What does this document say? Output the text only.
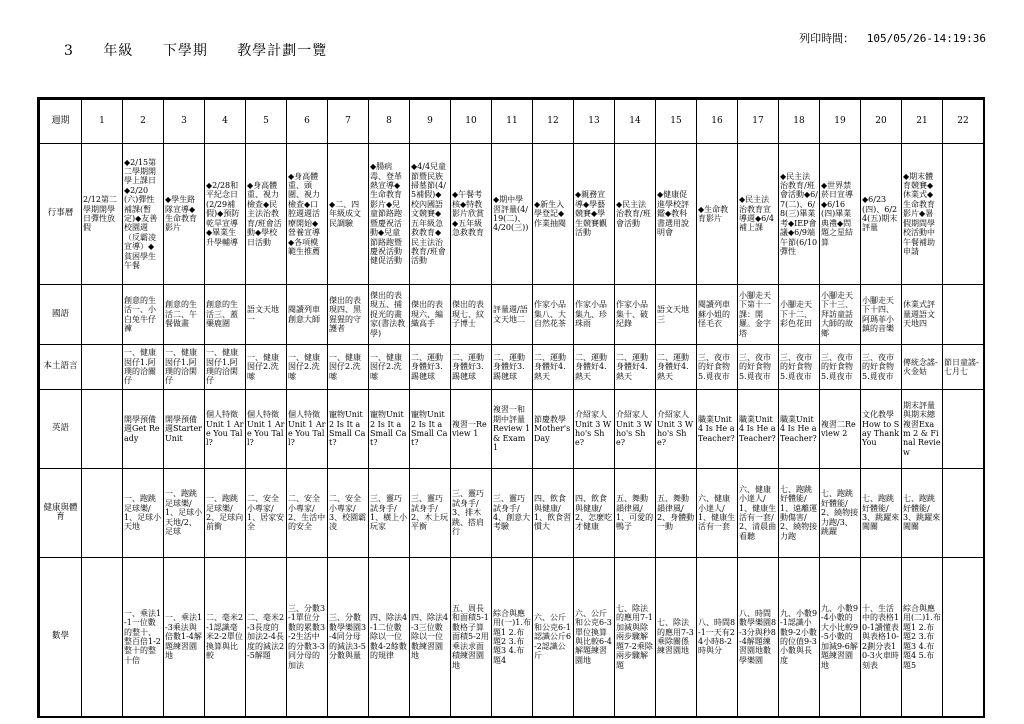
3 年級 下學期 教學計劃一覽
列印時間： 105/05/26-14:19:36
週期	1	2	3	4	5	6	7	8	9	10	11	12	13	14	15	16	17	18	19	20	21	22
行事曆	2/12第二學期開學日彈性放假	◆2/15第二學期開學上課日◆2/20(六)彈性補課(暫定)◆友善校園週（反霸凌宣導）◆貧困學生午餐	◆學生路隊宣導◆生命教育影片	◆2/28和平紀念日(2/29補假)◆預防乾旱宣導◆畢業生升學輔導	◆身高體重、視力檢查◆民主法治教育/班會活動◆學校日活動	◆身高體重、頭圍、視力檢查◆口腔週週活療開始◆營養宣導◆各項模範生推薦	◆二、四年級成文民調驗	◆腸病毒、登革熱宣導◆生命教育影片◆兒童節路跑暨慶祝活動◆兒童節路跑暨慶祝活動健促活動	◆4/4兒童節暨民族掃墓節(4/5補假)◆校內國語文競賽◆五年級急救教育◆民主法治教育/班會活動	◆午餐考核◆特教影片欣賞◆五年級急救教育	◆期中學習評量(4/19(二)、4/20(三))	◆新生入學登記◆作業抽閱	◆親務宣導◆學藝競賽◆學生競賽觀活動	◆民主法治教育/班會活動	◆健康促進學校評鑑◆教科書選用說明會	◆生命教育影片	◆民主法治教育宣導週◆6/4補上課	◆民主法治教育/班會活動◆6/7(二)、6/8(三)畢業考◆IEP會議◆6/9端午節(6/10彈性	◆世界禁菸日宣導◆6/16(四)畢業典禮◆問題之星結算	◆6/23(四)、6/24(五)期末評量	◆期末體育競賽◆休業式◆生命教育影片◆暑假期間學校活動中午餐補助申請	

國語		創意的生活一、小白兔牛仔褲	創意的生活二、午餐做畫	創意的生活三、蓋藥鹿圍	語文天地一	閱讀列車創意大師	傑出的表現四、黑猩猩的守護者	傑出的表現五、捕捉光的畫家(書法教學)	傑出的表現六、編織高手	傑出的表現七、紋子博士	評量週/語文天地二	作家小品集八、大自然花茶	作家小品集九、珍珠雨	作家小品集十、破紀錄	語文天地三	閱讀列車蘇小姐的怪毛衣	小腳走天下第十一課：開羅。金字塔	小腳走天下十二、彩色花田	小腳走天下十三、拜訪童話大師的故鄉	小腳走天下十四、阿瑪菲小鎮的音樂	休業式評量週語文天地四	

本土語言		一、健康囡仔1.阿璞的洽關仔	一、健康囡仔1.阿璞的洽閑仔	一、健康囡仔1.阿璞的洽閑仔	一、健康囡仔2.洗嗦	一、健康囡仔2.洗嗦	一、健康囡仔2.洗嗦	一、健康囡仔2.洗嗦	二、運動身體好3.踢毽球	二、運動身體好3.踢毽球	二、運動身體好3.踢毽球	二、運動身體好4.熱天	二、運動身體好4.熱天	二、運動身體好4.熱天	二、運動身體好4.熱天	三、夜市的好食物5.覓夜市	三、夜市的好食物5.覓夜市	三、夜市的好食物5.覓夜市	三、夜市的好食物5.覓夜市	三、夜市的好食物5.覓夜市	傳統念謠-火金姑	節日童謠-七月七

英語		開學預備週Get Ready	開學預備週Starter Unit	個人特徵Unit 1 Are You Tall?	個人特徵Unit 1 Are You Tall?	個人特徵Unit 1 Are You Tall?	寵物Unit 2 Is It a Small Cat?	寵物Unit 2 Is It a Small Cat?	寵物Unit 2 Is It a Small Cat?	複習一Review 1	複習一和期中評量Review 1 & Exam 1	節慶教學Mother's Day	介紹家人Unit 3 Who's She?	介紹家人Unit 3 Who's She?	介紹家人Unit 3 Who's She?	職業Unit 4 Is He a Teacher?	職業Unit 4 Is He a Teacher?	職業Unit 4 Is He a Teacher?	複習二Review 2	文化教學How to Say Thank You	期末評量與期末總複習Exam 2 & Final Review	

健康與體育		一、跑跳足球樂/1、足球小天地	一、跑跳足球樂/1、足球小天地/2、足球	一、跑跳足球樂/2、足球向前衝	二、安全小專家/1、居家安全	二、安全小專家/2、生活中的安全	二、安全小專家/3、校園霸凌	三、靈巧試身手/1、橫上小玩家	三、靈巧試身手/2、木上玩平衡	三、靈巧試身手/3、排木跳、搭肩行	三、靈巧試身手/4、創意大考驗	四、飲食與健康/1、飲食習慣大	四、飲食與健康/2、怎麼吃才健康	五、舞動韻律風/1、可愛的鴨子	五、舞動韻律風/2、身體動一動	六、健康小達人/1、健康生活有一套	六、健康小達人/1、健康生活有一套/2、清晨曲看聽	七、跑跳好體能/1、遠離運動傷害/2、繞物接力跑	七、跑跳好體能/2、繞物接力跑/3、跳躍	七、跑跳好體能/3、跳躍來闖關	七、跑跳好體能/3、跳躍來闖關	

數學		一、乘法1-1一位數的整十、整百倍1-2整十的整十倍	一、乘法1-3乘法與倍數1-4解題練習園地	二、毫米2-1認識毫米2-2單位換算與比較	二、毫米2-3長度的加法2-4長度的減法2-5解題	三、分數3-1單位分數的累數3-2生活中的分數3-3同分母的加法	三、分數數學樂園3-4同分母的減法3-5分數與量	四、除法4-1二位數除以一位數4-2餘數的規律	四、除法4-3三位數除以一位數練習園地	五、周長和面積5-1數格子算面積5-2用乘法求面積練習園地	綜合與應用(一)1.布題1 2.布題2 3.布題3 4.布題4	六、公斤和公克6-1認識公斤6-2認識公斤	六、公斤和公克6-3單位換算與比較6-4解題練習園地	七、除法的應用7-1加減與除兩步驟解題7-2乘除兩步驟解題	七、除法的應用7-3乘除關係練習園地	八、時間8-1一天有24小時8-2時與分	八、時間數學樂園8-3分與秒8-4解題練習園地數學樂園	九、小數9-1認識小數9-2小數的位值9-3小數與長度	九、小數9-4小數的大小比較9-5小數的加減9-6解題練習園地	十、生活中的表格10-1讀懂表與表格10-2劃分表10-3火車時刻表	綜合與應用(二)1.布題1 2.布題2 3.布題3 4.布題4 5.布題5	
